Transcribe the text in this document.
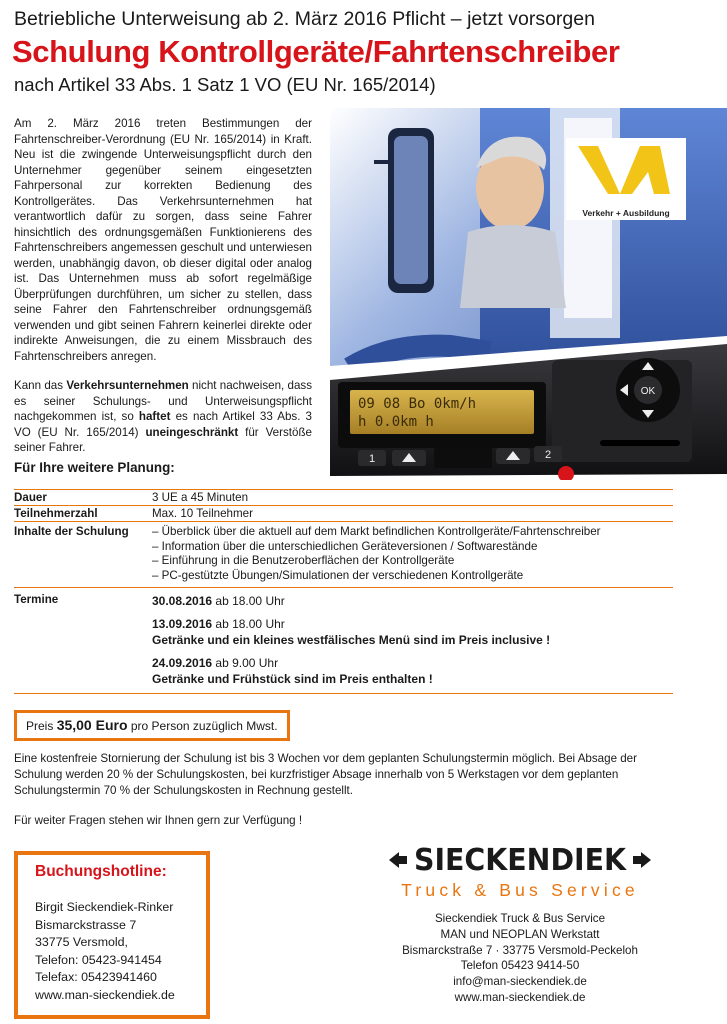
Betriebliche Unterweisung ab 2. März 2016 Pflicht – jetzt vorsorgen
Schulung Kontrollgeräte/Fahrtenschreiber
nach Artikel 33 Abs. 1 Satz 1 VO (EU Nr. 165/2014)

Am 2. März 2016 treten Bestimmungen der Fahrtenschreiber-Verordnung (EU Nr. 165/2014) in Kraft. Neu ist die zwingende Unterweisungspflicht durch den Unternehmer gegenüber seinem eingesetzten Fahrpersonal zur korrekten Bedienung des Kontrollgerätes. Das Verkehrsunternehmen hat verantwortlich dafür zu sorgen, dass seine Fahrer hinsichtlich des ordnungsgemäßen Funktionierens des Fahrtenschreibers angemessen geschult und unterwiesen werden, unabhängig davon, ob dieser digital oder analog ist. Das Unternehmen muss ab sofort regelmäßige Überprüfungen durchführen, um sicher zu stellen, dass seine Fahrer den Fahrtenschreiber ordnungsgemäß verwenden und gibt seinen Fahrern keinerlei direkte oder indirekte Anweisungen, die zu einem Missbrauch des Fahrtenschreibers anregen.

Kann das Verkehrsunternehmen nicht nachweisen, dass es seiner Schulungs- und Unterweisungspflicht nachgekommen ist, so haftet es nach Artikel 33 Abs. 3 VO (EU Nr. 165/2014) uneingeschränkt für Verstöße seiner Fahrer.

Verkehr + Ausbildung
09 08 Bo 0km/h
h 0.0km h
OK
1	2
Für Ihre weitere Planung:
Dauer	3 UE a 45 Minuten
Teilnehmerzahl	Max. 10 Teilnehmer
Inhalte der Schulung	– Überblick über die aktuell auf dem Markt befindlichen Kontrollgeräte/Fahrtenschreiber
– Information über die unterschiedlichen Geräteversionen / Softwarestände
– Einführung in die Benutzeroberflächen der Kontrollgeräte
– PC-gestützte Übungen/Simulationen der verschiedenen Kontrollgeräte
Termine	30.08.2016 ab 18.00 Uhr
13.09.2016 ab 18.00 Uhr
Getränke und ein kleines westfälisches Menü sind im Preis inclusive !
24.09.2016 ab 9.00 Uhr
Getränke und Frühstück sind im Preis enthalten !
Preis 35,00 Euro pro Person zuzüglich Mwst.
Eine kostenfreie Stornierung der Schulung ist bis 3 Wochen vor dem geplanten Schulungstermin möglich. Bei Absage der Schulung werden 20 % der Schulungskosten, bei kurzfristiger Absage innerhalb von 5 Werkstagen vor dem geplanten Schulungstermin 70 % der Schulungskosten in Rechnung gestellt.
Für weiter Fragen stehen wir Ihnen gern zur Verfügung !
Buchungshotline:
Birgit Sieckendiek-Rinker
Bismarckstrasse 7
33775 Versmold,
Telefon: 05423-941454
Telefax: 05423941460
www.man-sieckendiek.de
SIECKENDIEK
Truck & Bus Service
Sieckendiek Truck & Bus Service
MAN und NEOPLAN Werkstatt
Bismarckstraße 7 · 33775 Versmold-Peckeloh
Telefon 05423 9414-50
info@man-sieckendiek.de
www.man-sieckendiek.de
